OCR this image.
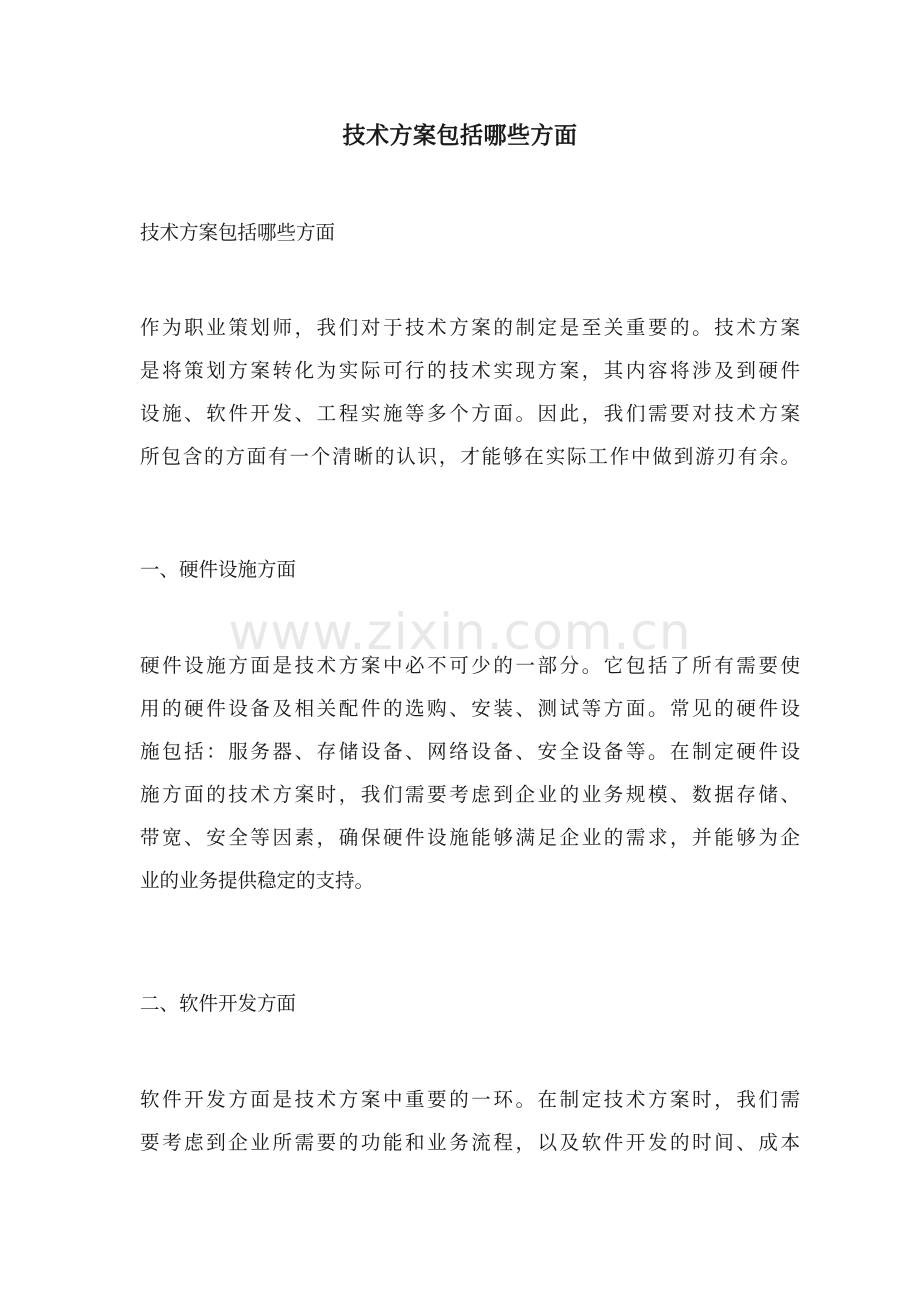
技术方案包括哪些方面
技术方案包括哪些方面
作为职业策划师，我们对于技术方案的制定是至关重要的。技术方案
是将策划方案转化为实际可行的技术实现方案，其内容将涉及到硬件
设施、软件开发、工程实施等多个方面。因此，我们需要对技术方案
所包含的方面有一个清晰的认识，才能够在实际工作中做到游刃有余。
一、硬件设施方面
硬件设施方面是技术方案中必不可少的一部分。它包括了所有需要使
用的硬件设备及相关配件的选购、安装、测试等方面。常见的硬件设
施包括：服务器、存储设备、网络设备、安全设备等。在制定硬件设
施方面的技术方案时，我们需要考虑到企业的业务规模、数据存储、
带宽、安全等因素，确保硬件设施能够满足企业的需求，并能够为企
业的业务提供稳定的支持。
二、软件开发方面
软件开发方面是技术方案中重要的一环。在制定技术方案时，我们需
要考虑到企业所需要的功能和业务流程，以及软件开发的时间、成本
www.zixin.com.cn
